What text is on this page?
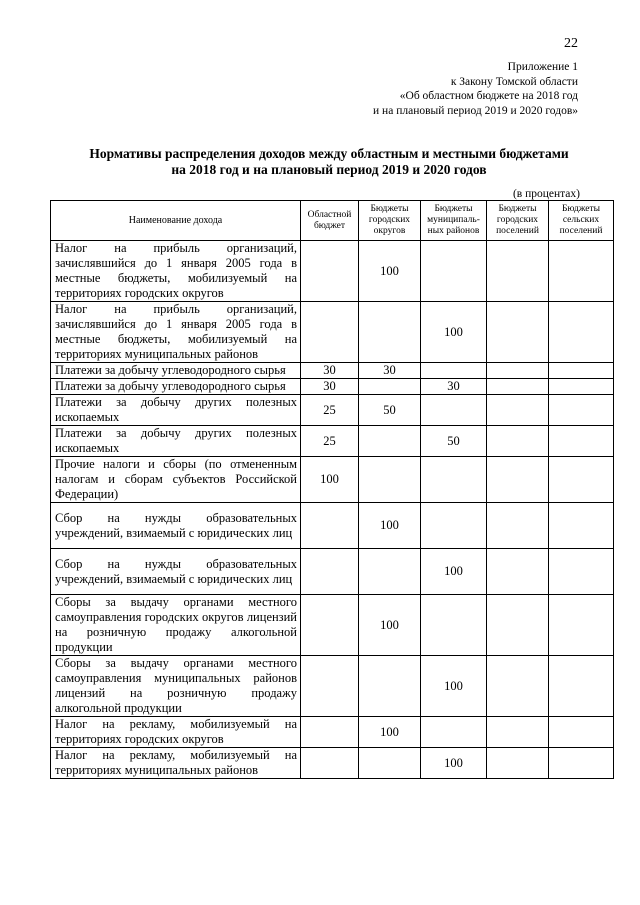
22
Приложение 1
к Закону Томской области
«Об областном бюджете на 2018 год
и на плановый период 2019 и 2020 годов»
Нормативы распределения доходов между областным и местными бюджетами
на 2018 год и на плановый период 2019 и 2020 годов
(в процентах)
Наименование дохода	Областной бюджет	Бюджеты городских округов	Бюджеты муниципаль-ных районов	Бюджеты городских поселений	Бюджеты сельских поселений
Налог на прибыль организаций, зачислявшийся до 1 января 2005 года в местные бюджеты, мобилизуемый на территориях городских округов		100			
Налог на прибыль организаций, зачислявшийся до 1 января 2005 года в местные бюджеты, мобилизуемый на территориях муниципальных районов			100		
Платежи за добычу углеводородного сырья	30	30			
Платежи за добычу углеводородного сырья	30		30		
Платежи за добычу других полезных ископаемых	25	50			
Платежи за добычу других полезных ископаемых	25		50		
Прочие налоги и сборы (по отмененным налогам и сборам субъектов Российской Федерации)	100				
Сбор на нужды образовательных учреждений, взимаемый с юридических лиц		100			
Сбор на нужды образовательных учреждений, взимаемый с юридических лиц			100		
Сборы за выдачу органами местного самоуправления городских округов лицензий на розничную продажу алкогольной продукции		100			
Сборы за выдачу органами местного самоуправления муниципальных районов лицензий на розничную продажу алкогольной продукции			100		
Налог на рекламу, мобилизуемый на территориях городских округов		100			
Налог на рекламу, мобилизуемый на территориях муниципальных районов			100		
